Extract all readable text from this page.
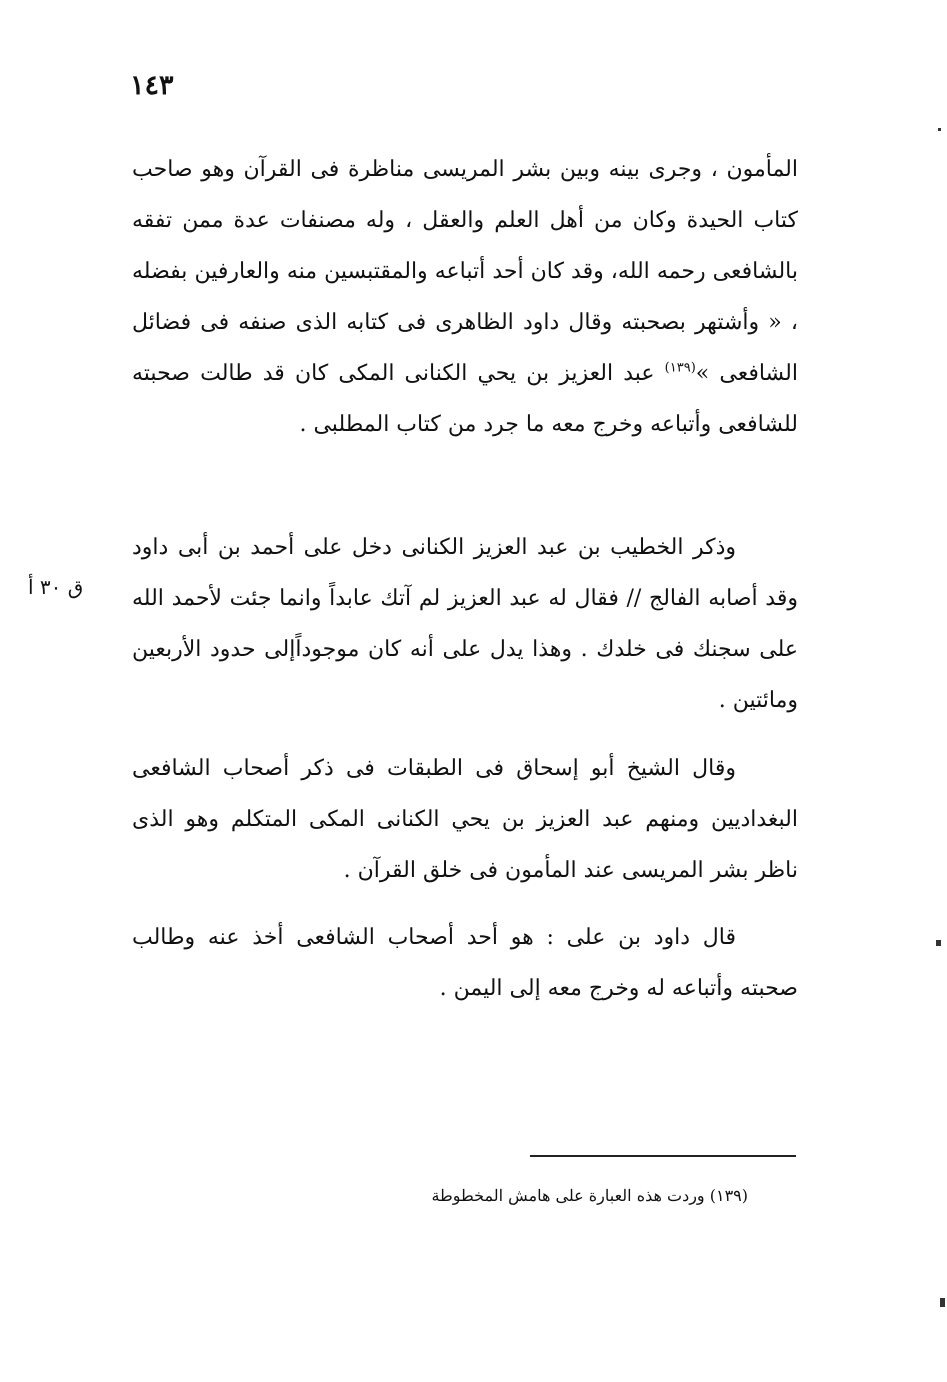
١٤٣

المأمون ، وجرى بينه وبين بشر المريسى مناظرة فى القرآن وهو صاحب كتاب الحيدة وكان من أهل العلم والعقل ، وله مصنفات عدة ممن تفقه بالشافعى رحمه الله، وقد كان أحد أتباعه والمقتبسين منه والعارفين بفضله ، « وأشتهر بصحبته وقال داود الظاهرى فى كتابه الذى صنفه فى فضائل الشافعى »$^{(١٣٩)}$ عبد العزيز بن يحي الكنانى المكى كان قد طالت صحبته للشافعى وأتباعه وخرج معه ما جرد من كتاب المطلبى .

وذكر الخطيب بن عبد العزيز الكنانى دخل على أحمد بن أبى داود وقد أصابه الفالج // فقال له عبد العزيز لم آتك عابداً وانما جئت لأحمد الله على سجنك فى خلدك . وهذا يدل على أنه كان موجوداًإلى حدود الأربعين ومائتين .

ق ٣٠ أ

وقال الشيخ أبو إسحاق فى الطبقات فى ذكر أصحاب الشافعى البغداديين ومنهم عبد العزيز بن يحي الكنانى المكى المتكلم وهو الذى ناظر بشر المريسى عند المأمون فى خلق القرآن .

قال داود بن على : هو أحد أصحاب الشافعى أخذ عنه وطالب صحبته وأتباعه له وخرج معه إلى اليمن .

(١٣٩) وردت هذه العبارة على هامش المخطوطة
